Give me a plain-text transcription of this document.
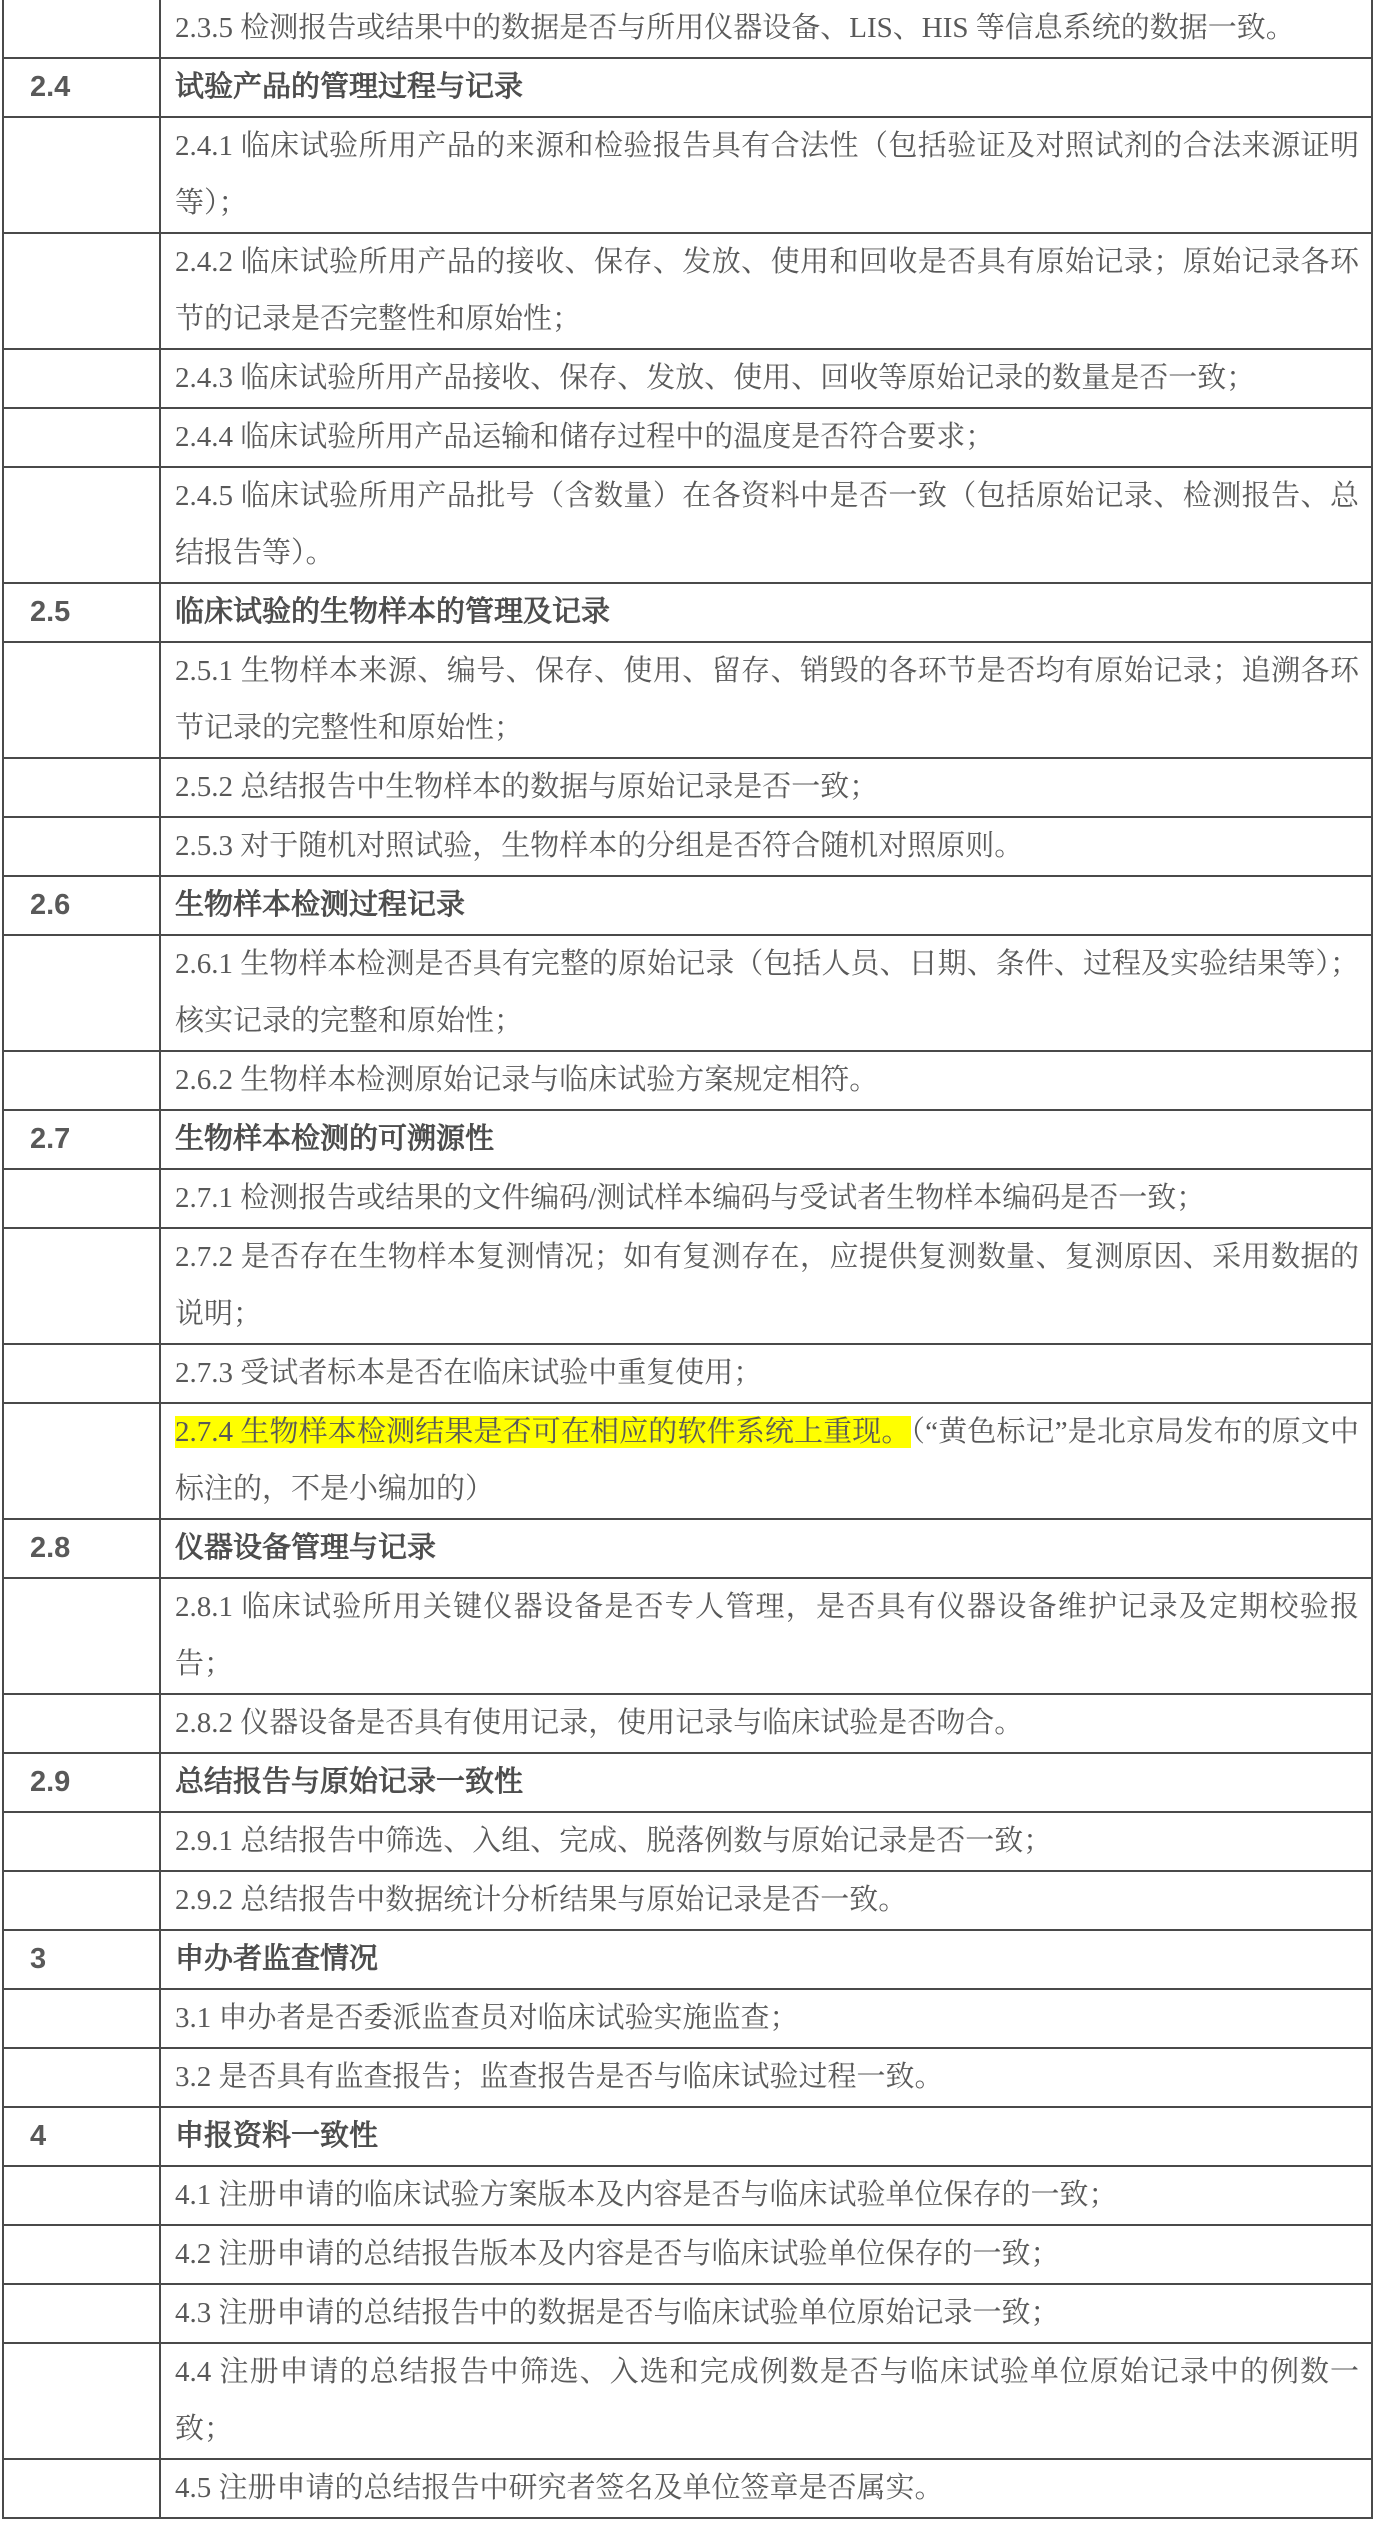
	2.3.5 检测报告或结果中的数据是否与所用仪器设备、LIS、HIS 等信息系统的数据一致。
2.4	试验产品的管理过程与记录
	2.4.1 临床试验所用产品的来源和检验报告具有合法性（包括验证及对照试剂的合法来源证明等）；
	2.4.2 临床试验所用产品的接收、保存、发放、使用和回收是否具有原始记录；原始记录各环节的记录是否完整性和原始性；
	2.4.3 临床试验所用产品接收、保存、发放、使用、回收等原始记录的数量是否一致；
	2.4.4 临床试验所用产品运输和储存过程中的温度是否符合要求；
	2.4.5 临床试验所用产品批号（含数量）在各资料中是否一致（包括原始记录、检测报告、总结报告等）。
2.5	临床试验的生物样本的管理及记录
	2.5.1 生物样本来源、编号、保存、使用、留存、销毁的各环节是否均有原始记录；追溯各环节记录的完整性和原始性；
	2.5.2 总结报告中生物样本的数据与原始记录是否一致；
	2.5.3 对于随机对照试验，生物样本的分组是否符合随机对照原则。
2.6	生物样本检测过程记录
	2.6.1 生物样本检测是否具有完整的原始记录（包括人员、日期、条件、过程及实验结果等）；核实记录的完整和原始性；
	2.6.2 生物样本检测原始记录与临床试验方案规定相符。
2.7	生物样本检测的可溯源性
	2.7.1 检测报告或结果的文件编码/测试样本编码与受试者生物样本编码是否一致；
	2.7.2 是否存在生物样本复测情况；如有复测存在，应提供复测数量、复测原因、采用数据的说明；
	2.7.3 受试者标本是否在临床试验中重复使用；
	2.7.4 生物样本检测结果是否可在相应的软件系统上重现。（“黄色标记”是北京局发布的原文中标注的，不是小编加的）
2.8	仪器设备管理与记录
	2.8.1 临床试验所用关键仪器设备是否专人管理，是否具有仪器设备维护记录及定期校验报告；
	2.8.2 仪器设备是否具有使用记录，使用记录与临床试验是否吻合。
2.9	总结报告与原始记录一致性
	2.9.1 总结报告中筛选、入组、完成、脱落例数与原始记录是否一致；
	2.9.2 总结报告中数据统计分析结果与原始记录是否一致。
3	申办者监查情况
	3.1 申办者是否委派监查员对临床试验实施监查；
	3.2 是否具有监查报告；监查报告是否与临床试验过程一致。
4	申报资料一致性
	4.1 注册申请的临床试验方案版本及内容是否与临床试验单位保存的一致；
	4.2 注册申请的总结报告版本及内容是否与临床试验单位保存的一致；
	4.3 注册申请的总结报告中的数据是否与临床试验单位原始记录一致；
	4.4 注册申请的总结报告中筛选、入选和完成例数是否与临床试验单位原始记录中的例数一致；
	4.5 注册申请的总结报告中研究者签名及单位签章是否属实。
